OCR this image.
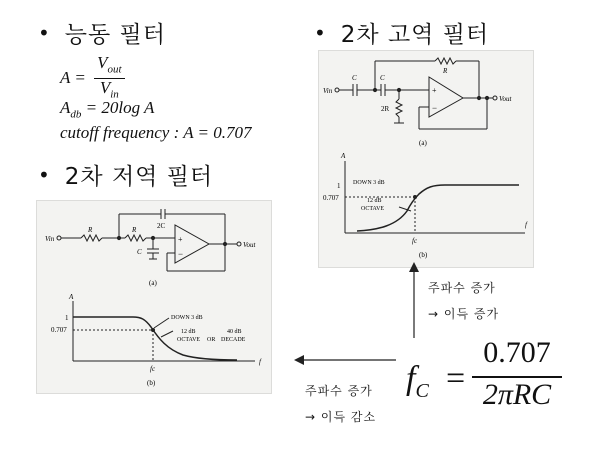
• 능동 필터
$A = \frac{V_{out}}{V_{in}}$
$A_{db} = 20\log$ A
cutoff frequency : A = 0.707
• 2차 저역 필터
• 2차 고역 필터
+
−
Vin
R	R	2C
C
Vout
(a)
A
1
0.707
DOWN 3 dB
12 dB
OCTAVE OR
40 dB
DECADE
fc
f
(b)
+
−
Vin
C	C
R
2R
Vout
(a)
A
1
0.707
DOWN 3 dB
12 dB
OCTAVE
fc
f
(b)
주파수 증가
→ 이득 증가
주파수 증가
→ 이득 감소
$f_C$ =
0.707
2πRC
